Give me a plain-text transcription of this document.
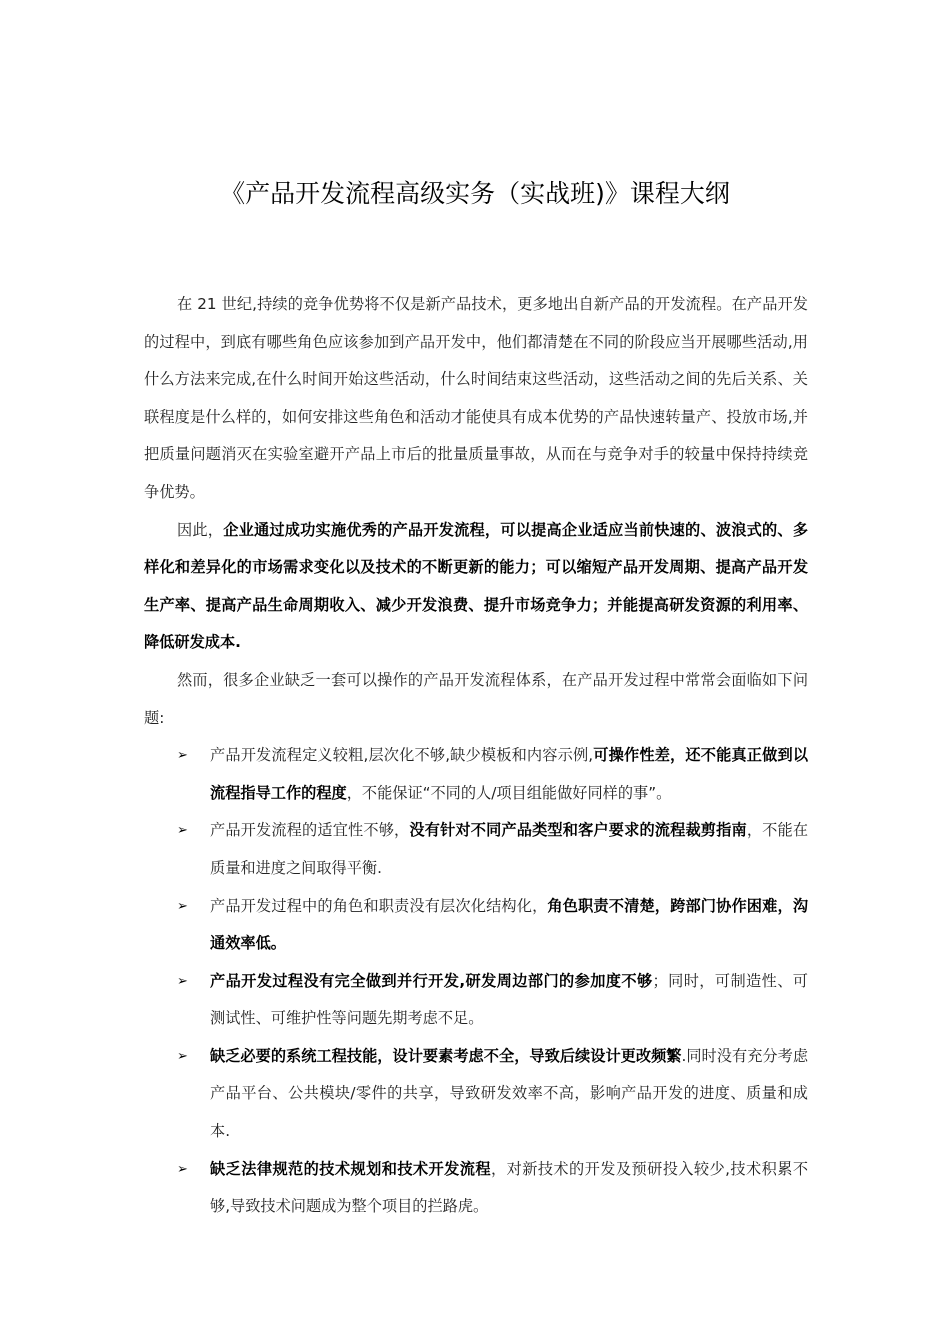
《产品开发流程高级实务（实战班)》课程大纲

在 21 世纪,持续的竞争优势将不仅是新产品技术，更多地出自新产品的开发流程。在产品开发的过程中，到底有哪些角色应该参加到产品开发中，他们都清楚在不同的阶段应当开展哪些活动,用什么方法来完成,在什么时间开始这些活动，什么时间结束这些活动，这些活动之间的先后关系、关联程度是什么样的，如何安排这些角色和活动才能使具有成本优势的产品快速转量产、投放市场,并把质量问题消灭在实验室避开产品上市后的批量质量事故，从而在与竞争对手的较量中保持持续竞争优势。

因此，企业通过成功实施优秀的产品开发流程，可以提高企业适应当前快速的、波浪式的、多样化和差异化的市场需求变化以及技术的不断更新的能力；可以缩短产品开发周期、提高产品开发生产率、提高产品生命周期收入、减少开发浪费、提升市场竞争力；并能提高研发资源的利用率、降低研发成本.

然而，很多企业缺乏一套可以操作的产品开发流程体系，在产品开发过程中常常会面临如下问题:

➢ 产品开发流程定义较粗,层次化不够,缺少模板和内容示例,可操作性差，还不能真正做到以流程指导工作的程度，不能保证“不同的人/项目组能做好同样的事”。
➢ 产品开发流程的适宜性不够，没有针对不同产品类型和客户要求的流程裁剪指南，不能在质量和进度之间取得平衡.
➢ 产品开发过程中的角色和职责没有层次化结构化，角色职责不清楚，跨部门协作困难，沟通效率低。
➢ 产品开发过程没有完全做到并行开发,研发周边部门的参加度不够；同时，可制造性、可测试性、可维护性等问题先期考虑不足。
➢ 缺乏必要的系统工程技能，设计要素考虑不全，导致后续设计更改频繁.同时没有充分考虑产品平台、公共模块/零件的共享，导致研发效率不高，影响产品开发的进度、质量和成本.
➢ 缺乏法律规范的技术规划和技术开发流程，对新技术的开发及预研投入较少,技术积累不够,导致技术问题成为整个项目的拦路虎。
